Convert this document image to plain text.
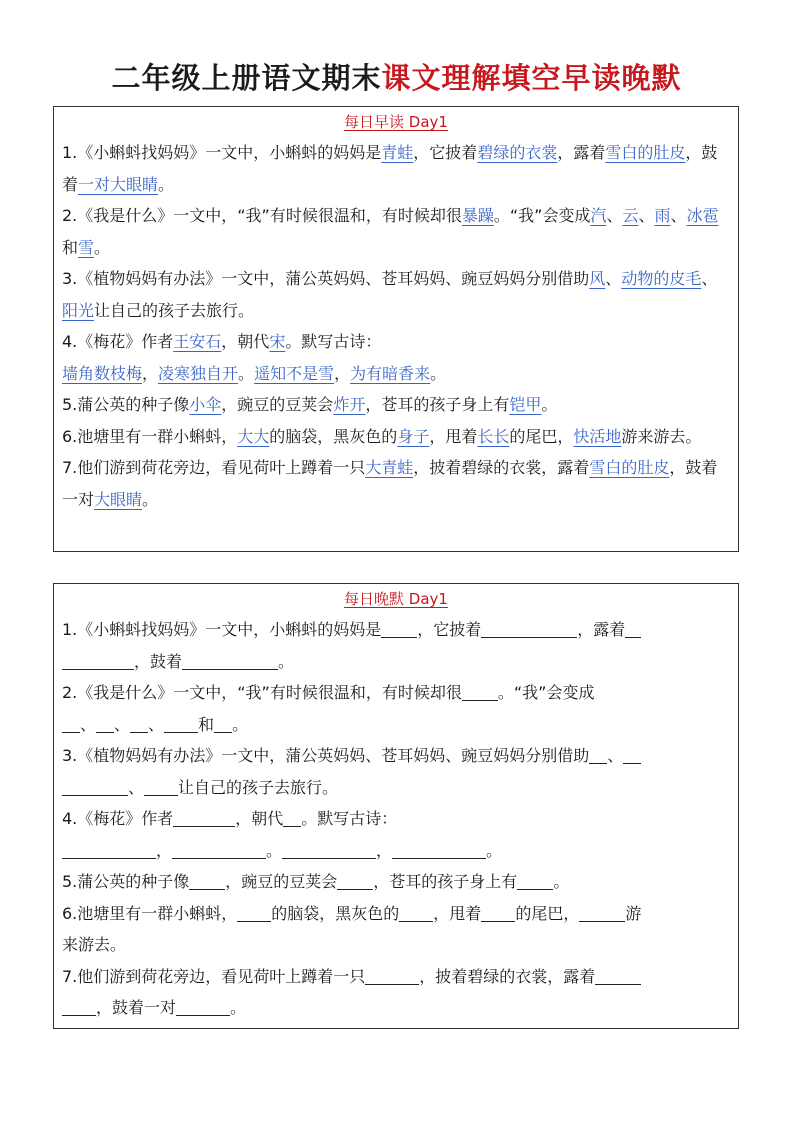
二年级上册语文期末课文理解填空早读晚默
每日早读 Day1

1.《小蝌蚪找妈妈》一文中，小蝌蚪的妈妈是青蛙，它披着碧绿的衣裳，露着雪白的肚皮，鼓着一对大眼睛。

2.《我是什么》一文中，“我”有时候很温和，有时候却很暴躁。“我”会变成汽、云、雨、冰雹和雪。

3.《植物妈妈有办法》一文中，蒲公英妈妈、苍耳妈妈、豌豆妈妈分别借助风、动物的皮毛、阳光让自己的孩子去旅行。

4.《梅花》作者王安石，朝代宋。默写古诗：
墙角数枝梅，凌寒独自开。遥知不是雪，为有暗香来。

5.蒲公英的种子像小伞，豌豆的豆荚会炸开，苍耳的孩子身上有铠甲。

6.池塘里有一群小蝌蚪，大大的脑袋，黑灰色的身子，甩着长长的尾巴，快活地游来游去。

7.他们游到荷花旁边，看见荷叶上蹲着一只大青蛙，披着碧绿的衣裳，露着雪白的肚皮，鼓着一对大眼睛。

每日晚默 Day1

1.《小蝌蚪找妈妈》一文中，小蝌蚪的妈妈是 ，它披着	，露着
，鼓着	。

2.《我是什么》一文中，“我”有时候很温和，有时候却很 。“我”会变成
、 、 、 和 。

3.《植物妈妈有办法》一文中，蒲公英妈妈、苍耳妈妈、豌豆妈妈分别借助 、
、 让自己的孩子去旅行。

4.《梅花》作者	，朝代 。默写古诗：
，	。	，	。

5.蒲公英的种子像 ，豌豆的豆荚会 ，苍耳的孩子身上有 。

6.池塘里有一群小蝌蚪， 的脑袋，黑灰色的 ，甩着 的尾巴，	游
来游去。

7.他们游到荷花旁边，看见荷叶上蹲着一只	，披着碧绿的衣裳，露着
，鼓着一对	。
